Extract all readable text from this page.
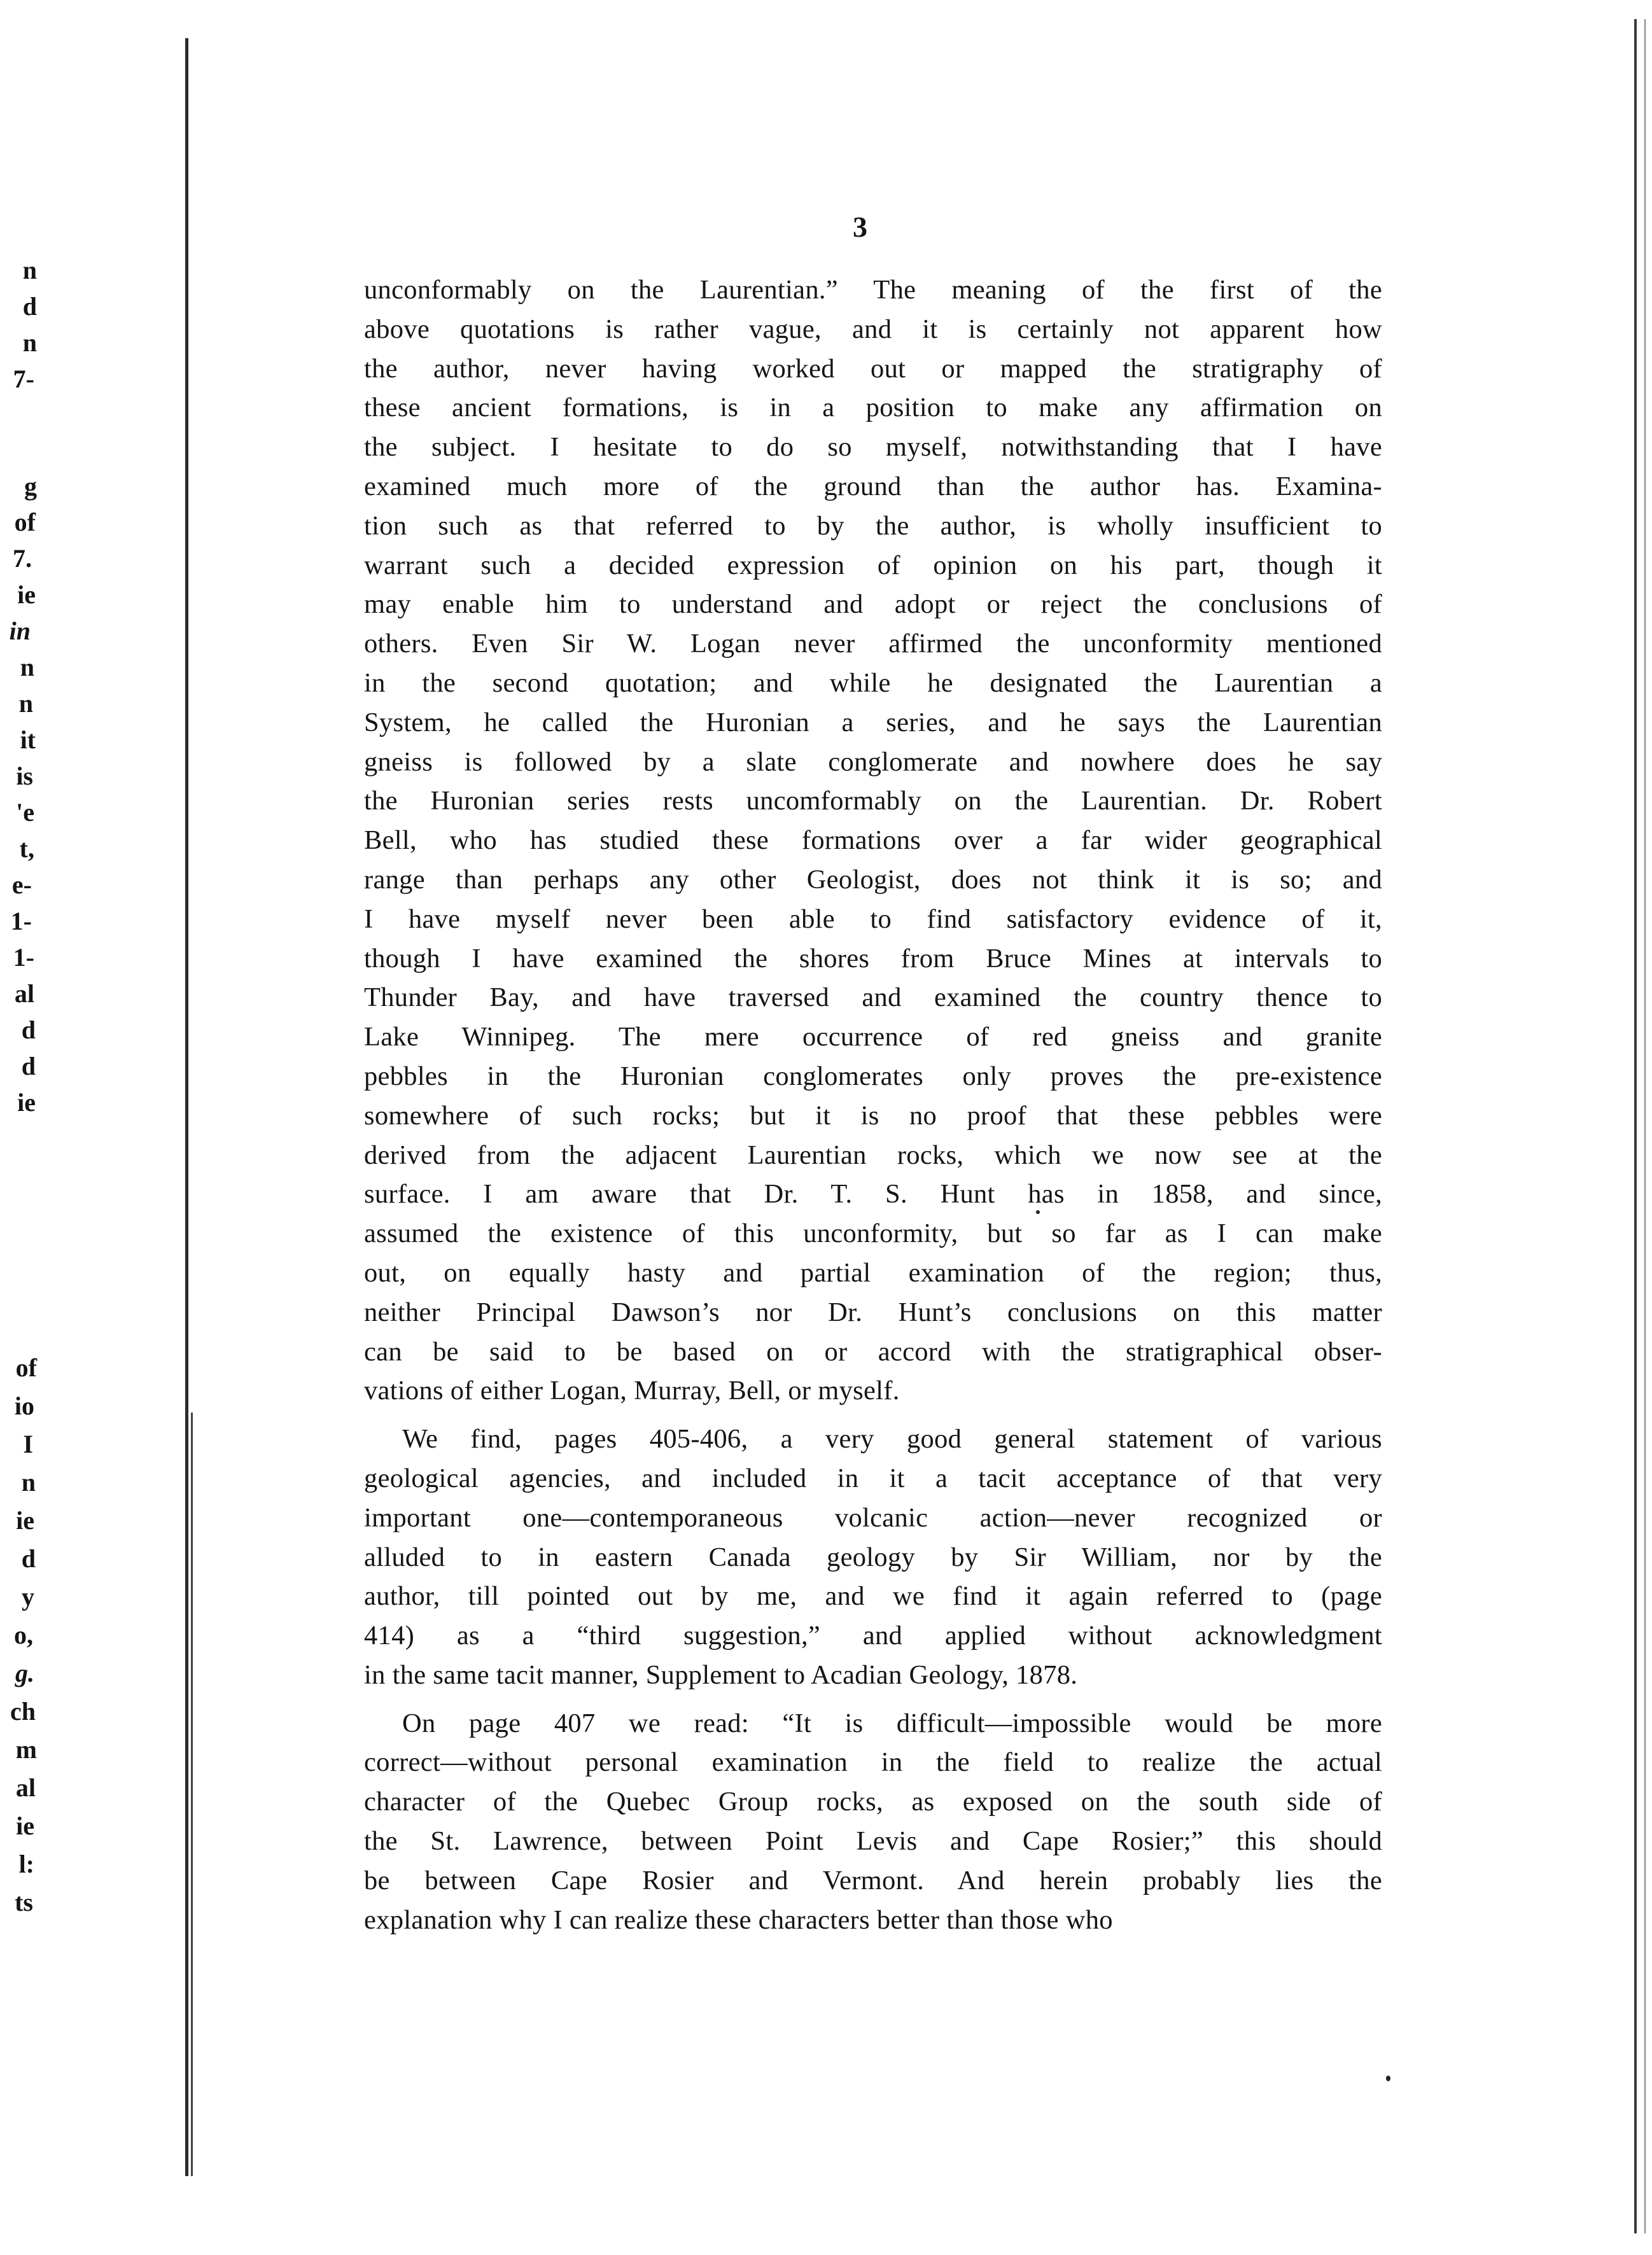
n
d
n
7-
g
of
7.
ie
in
n
n
it
is
'e
t,
e-
1-
1-
al
d
d
ie
of
io
I
n
ie
d
y
o,
g.
ch
m
al
ie
l:
ts
3
unconformably on the Laurentian.” The meaning of the first of the
above quotations is rather vague, and it is certainly not apparent how
the author, never having worked out or mapped the stratigraphy of
these ancient formations, is in a position to make any affirmation on
the subject. I hesitate to do so myself, notwithstanding that I have
examined much more of the ground than the author has. Examina-
tion such as that referred to by the author, is wholly insufficient to
warrant such a decided expression of opinion on his part, though it
may enable him to understand and adopt or reject the conclusions of
others. Even Sir W. Logan never affirmed the unconformity mentioned
in the second quotation; and while he designated the Laurentian a
System, he called the Huronian a series, and he says the Laurentian
gneiss is followed by a slate conglomerate and nowhere does he say
the Huronian series rests uncomformably on the Laurentian. Dr. Robert
Bell, who has studied these formations over a far wider geographical
range than perhaps any other Geologist, does not think it is so; and
I have myself never been able to find satisfactory evidence of it,
though I have examined the shores from Bruce Mines at intervals to
Thunder Bay, and have traversed and examined the country thence to
Lake Winnipeg. The mere occurrence of red gneiss and granite
pebbles in the Huronian conglomerates only proves the pre-existence
somewhere of such rocks; but it is no proof that these pebbles were
derived from the adjacent Laurentian rocks, which we now see at the
surface. I am aware that Dr. T. S. Hunt has in 1858, and since,
assumed the existence of this unconformity, but so far as I can make
out, on equally hasty and partial examination of the region; thus,
neither Principal Dawson’s nor Dr. Hunt’s conclusions on this matter
can be said to be based on or accord with the stratigraphical obser-
vations of either Logan, Murray, Bell, or myself.
We find, pages 405-406, a very good general statement of various
geological agencies, and included in it a tacit acceptance of that very
important one—contemporaneous volcanic action—never recognized or
alluded to in eastern Canada geology by Sir William, nor by the
author, till pointed out by me, and we find it again referred to (page
414) as a “third suggestion,” and applied without acknowledgment
in the same tacit manner, Supplement to Acadian Geology, 1878.
On page 407 we read: “It is difficult—impossible would be more
correct—without personal examination in the field to realize the actual
character of the Quebec Group rocks, as exposed on the south side of
the St. Lawrence, between Point Levis and Cape Rosier;” this should
be between Cape Rosier and Vermont. And herein probably lies the
explanation why I can realize these characters better than those who
